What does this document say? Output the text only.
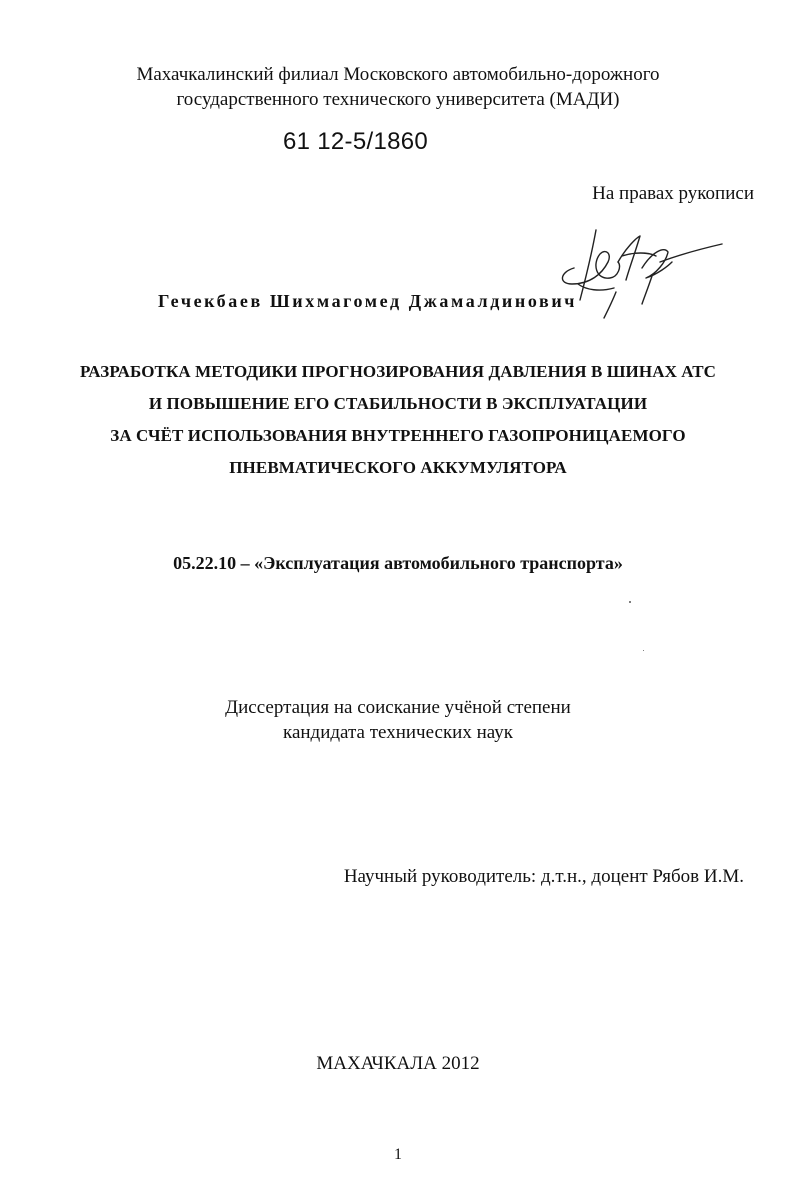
Махачкалинский филиал Московского автомобильно-дорожного
государственного технического университета (МАДИ)
61 12-5/1860
На правах рукописи
Гечекбаев Шихмагомед Джамалдинович
РАЗРАБОТКА МЕТОДИКИ ПРОГНОЗИРОВАНИЯ ДАВЛЕНИЯ В ШИНАХ АТС
И ПОВЫШЕНИЕ ЕГО СТАБИЛЬНОСТИ В ЭКСПЛУАТАЦИИ
ЗА СЧЁТ ИСПОЛЬЗОВАНИЯ ВНУТРЕННЕГО ГАЗОПРОНИЦАЕМОГО
ПНЕВМАТИЧЕСКОГО АККУМУЛЯТОРА
05.22.10 – «Эксплуатация автомобильного транспорта»
Диссертация на соискание учёной степени
кандидата технических наук
Научный руководитель: д.т.н., доцент Рябов И.М.
МАХАЧКАЛА 2012
1
